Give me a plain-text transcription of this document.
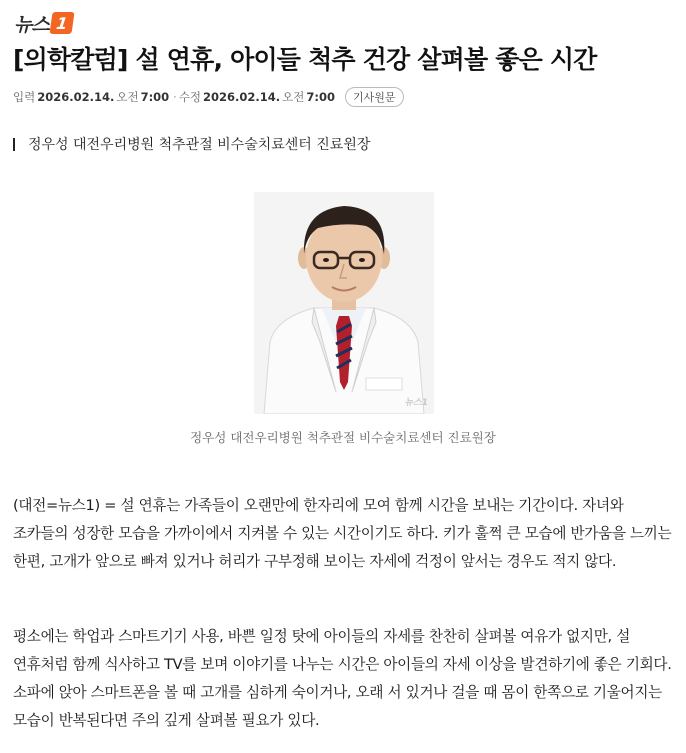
뉴스 1
[의학칼럼] 설 연휴, 아이들 척추 건강 살펴볼 좋은 시간
입력 2026.02.14. 오전 7:00 · 수정 2026.02.14. 오전 7:00	기사원문
정우성 대전우리병원 척추관절 비수술치료센터 진료원장
뉴스1
정우성 대전우리병원 척추관절 비수술치료센터 진료원장

(대전=뉴스1) = 설 연휴는 가족들이 오랜만에 한자리에 모여 함께 시간을 보내는 기간이다. 자녀와 조카들의 성장한 모습을 가까이에서 지켜볼 수 있는 시간이기도 하다. 키가 훌쩍 큰 모습에 반가움을 느끼는 한편, 고개가 앞으로 빠져 있거나 허리가 구부정해 보이는 자세에 걱정이 앞서는 경우도 적지 않다.

평소에는 학업과 스마트기기 사용, 바쁜 일정 탓에 아이들의 자세를 찬찬히 살펴볼 여유가 없지만, 설 연휴처럼 함께 식사하고 TV를 보며 이야기를 나누는 시간은 아이들의 자세 이상을 발견하기에 좋은 기회다. 소파에 앉아 스마트폰을 볼 때 고개를 심하게 숙이거나, 오래 서 있거나 걸을 때 몸이 한쪽으로 기울어지는 모습이 반복된다면 주의 깊게 살펴볼 필요가 있다.
